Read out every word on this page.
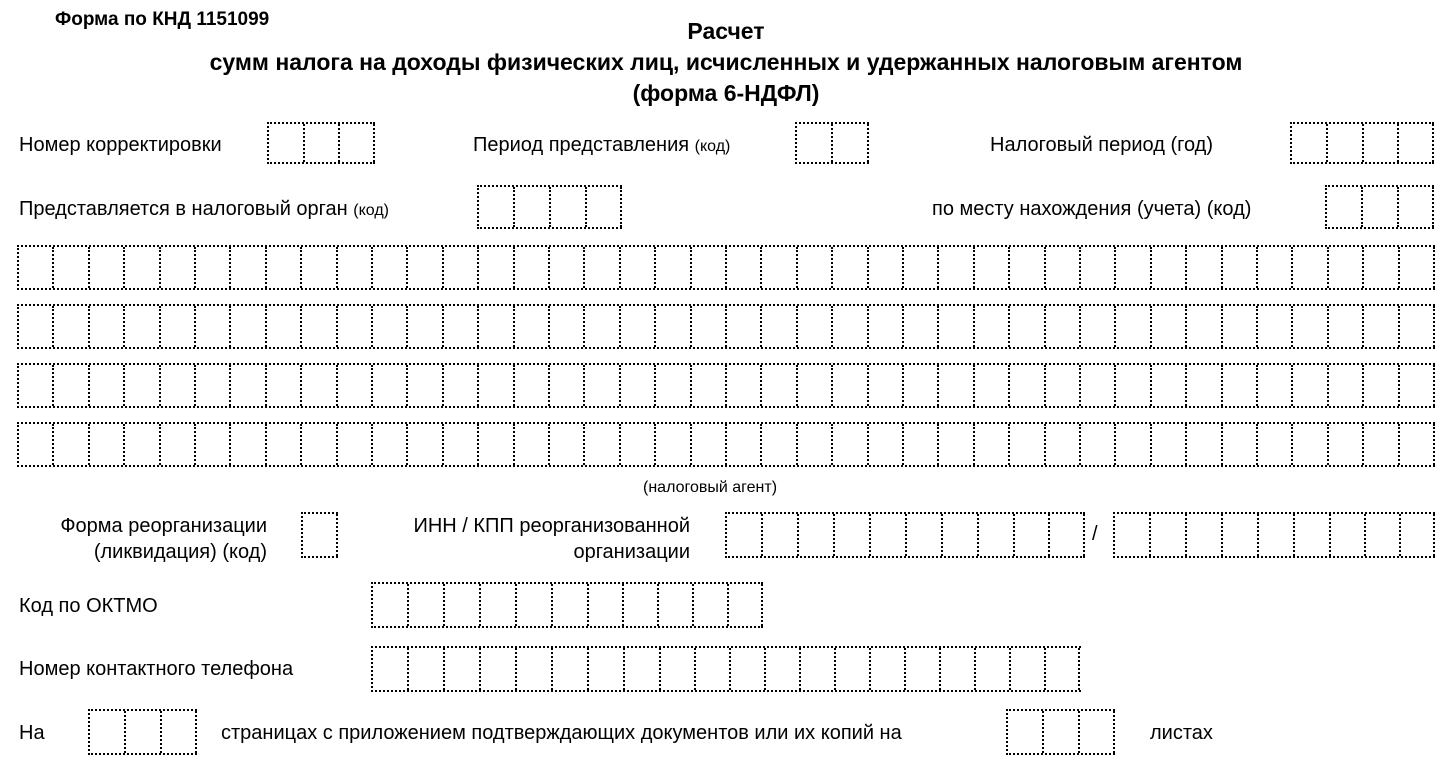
Форма по КНД 1151099	Расчет
сумм налога на доходы физических лиц, исчисленных и удержанных налоговым агентом
(форма 6-НДФЛ)
Номер корректировки	Период представления (код)	Налоговый период (год)
Представляется в налоговый орган (код)	по месту нахождения (учета) (код)
(налоговый агент)
Форма реорганизации
(ликвидация) (код)
ИНН / КПП реорганизованной
организации
/
Код по ОКТМО
Номер контактного телефона
На	страницах с приложением подтверждающих документов или их копий на	листах
